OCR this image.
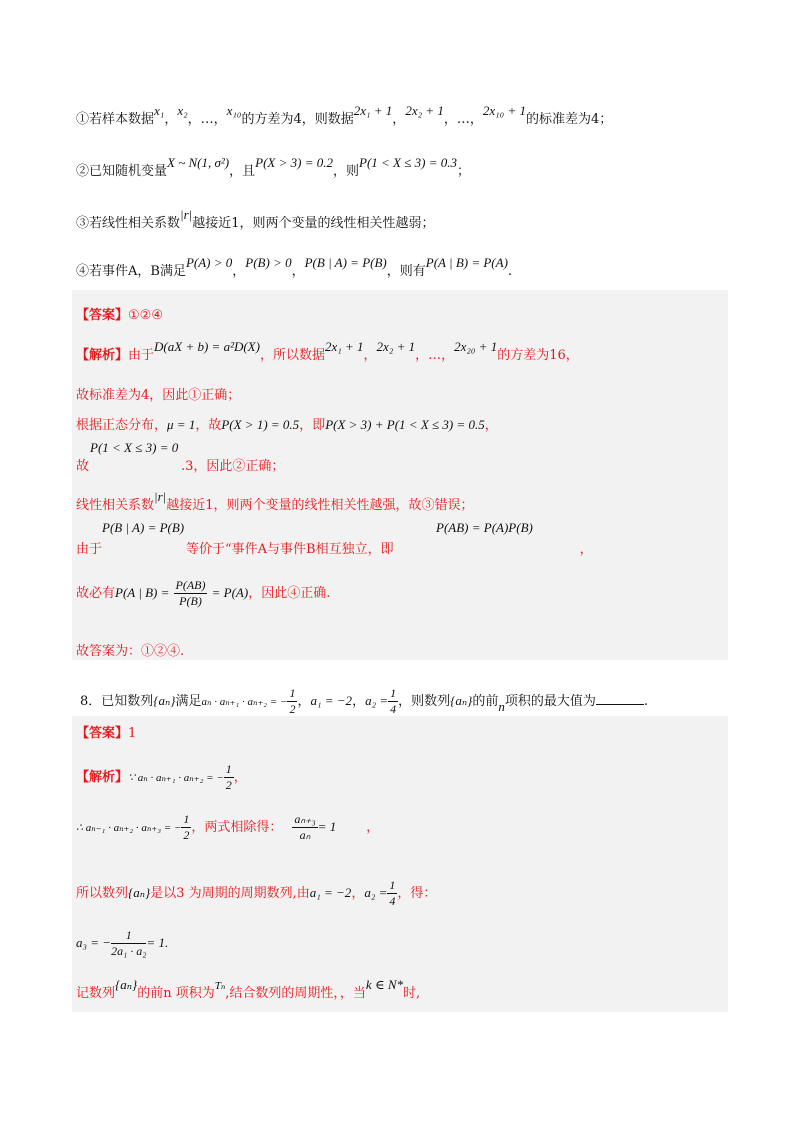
①若样本数据x₁，x₂，…，x₁₀的方差为4，则数据2x₁ + 1，2x₂ + 1，…，2x₁₀ + 1的标准差为4；
②已知随机变量X ~ N(1, σ²)，且P(X > 3) = 0.2，则P(1 < X ≤ 3) = 0.3；
③若线性相关系数|r|越接近1，则两个变量的线性相关性越弱；
④若事件A，B满足P(A) > 0，P(B) > 0，P(B | A) = P(B)，则有P(A | B) = P(A).
【答案】①②④
【解析】由于D(aX + b) = a²D(X)，所以数据2x₁ + 1，2x₂ + 1，…，2x₂₀ + 1的方差为16，
故标准差为4，因此①正确；
根据正态分布，μ = 1，故P(X > 1) = 0.5，即P(X > 3) + P(1 < X ≤ 3) = 0.5，
P(1 < X ≤ 3) = 0
故	.3，因此②正确；
线性相关系数|r|越接近1，则两个变量的线性相关性越强，故③错误；
P(B | A) = P(B)	P(AB) = P(A)P(B)
由于	等价于“事件A与事件B相互独立，即	，
故必有P(A | $B) = \frac{P(AB)}{P(B)} = P(A)$，因此④正确.
故答案为：①②④.
8．已知数列{aₙ}满足aₙ · aₙ₊₁ · aₙ₊₂ = − $\frac{1}{2}$ ，a₁ = −2，$a_2 = \frac{1}{4}$ ，则数列{aₙ}的前n项积的最大值为	.
【答案】1
【解析】∵ aₙ · aₙ₊₁ · aₙ₊₂ = − $\frac{1}{2}$ ，
∴ aₙ₋₁ · aₙ₊₂ · aₙ₊₃ = − $\frac{1}{2}$ ，两式相除得： $\frac{\text{aₙ₊₃}}{\text{aₙ}} = 1$ ，
所以数列{aₙ}是以3 为周期的周期数列,由a₁ = −2，$a_2 = \frac{1}{4}$ ，得：
a₃ = − $\frac{1}{\text{2a₁ · a₂}} = 1$.
记数列{aₙ}的前n 项积为$^{T_n}$,结合数列的周期性，，当k ∈ N*时,
